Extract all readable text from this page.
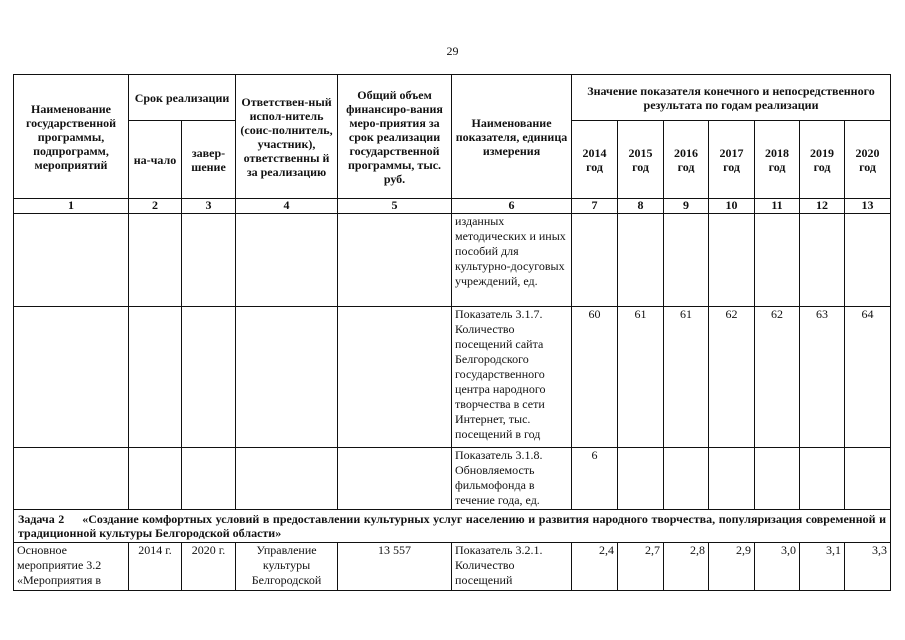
29
Наименование государственной программы, подпрограмм, мероприятий	Срок реализации		Ответствен-ный испол-нитель (соис-полнитель, участник), ответственны й за реализацию	Общий объем финансиро-вания меро-приятия за срок реализации государственной программы, тыс. руб.	Наименование показателя, единица измерения	Значение показателя конечного и непосредственного результата по годам реализации						
	на-чало	завер-шение				2014 год	2015 год	2016 год	2017 год	2018 год	2019 год	2020 год
1	2	3	4	5	6	7	8	9	10	11	12	13
					изданных методических и иных пособий для культурно-досуговых учреждений, ед.							
					Показатель 3.1.7. Количество посещений сайта Белгородского государственного центра народного творчества в сети Интернет, тыс. посещений в год	60	61	61	62	62	63	64
					Показатель 3.1.8. Обновляемость фильмофонда в течение года, ед.	6						
Задача 2 «Создание комфортных условий в предоставлении культурных услуг населению и развития народного творчества, популяризация современной и традиционной культуры Белгородской области»												
Основное мероприятие 3.2 «Мероприятия в	2014 г.	2020 г.	Управление культуры Белгородской	13 557	Показатель 3.2.1. Количество посещений	2,4	2,7	2,8	2,9	3,0	3,1	3,3
